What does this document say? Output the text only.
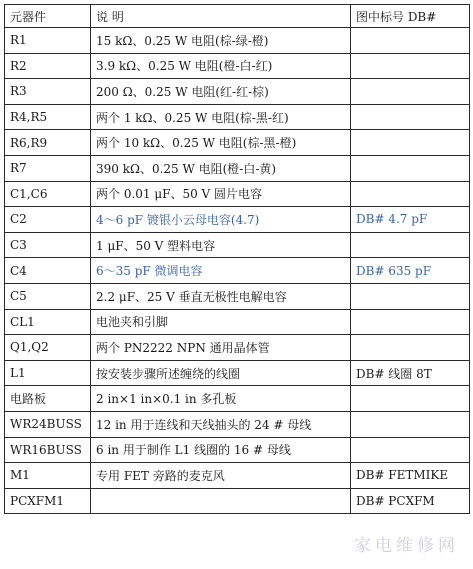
元器件	说 明	图中标号 DB#
R1	15 kΩ、0.25 W 电阻(棕-绿-橙)	
R2	3.9 kΩ、0.25 W 电阻(橙-白-红)	
R3	200 Ω、0.25 W 电阻(红-红-棕)	
R4,R5	两个 1 kΩ、0.25 W 电阻(棕-黑-红)	
R6,R9	两个 10 kΩ、0.25 W 电阻(棕-黑-橙)	
R7	390 kΩ、0.25 W 电阻(橙-白-黄)	
C1,C6	两个 0.01 μF、50 V 圆片电容	
C2	4～6 pF 镀银小云母电容(4.7)	DB# 4.7 pF
C3	1 μF、50 V 塑料电容	
C4	6～35 pF 微调电容	DB# 635 pF
C5	2.2 μF、25 V 垂直无极性电解电容	
CL1	电池夹和引脚	
Q1,Q2	两个 PN2222 NPN 通用晶体管	
L1	按安装步骤所述缠绕的线圈	DB# 线圈 8T
电路板	2 in×1 in×0.1 in 多孔板	
WR24BUSS	12 in 用于连线和天线抽头的 24 # 母线	
WR16BUSS	6 in 用于制作 L1 线圈的 16 # 母线	
M1	专用 FET 旁路的麦克风	DB# FETMIKE
PCXFM1		DB# PCXFM
家电维修网
